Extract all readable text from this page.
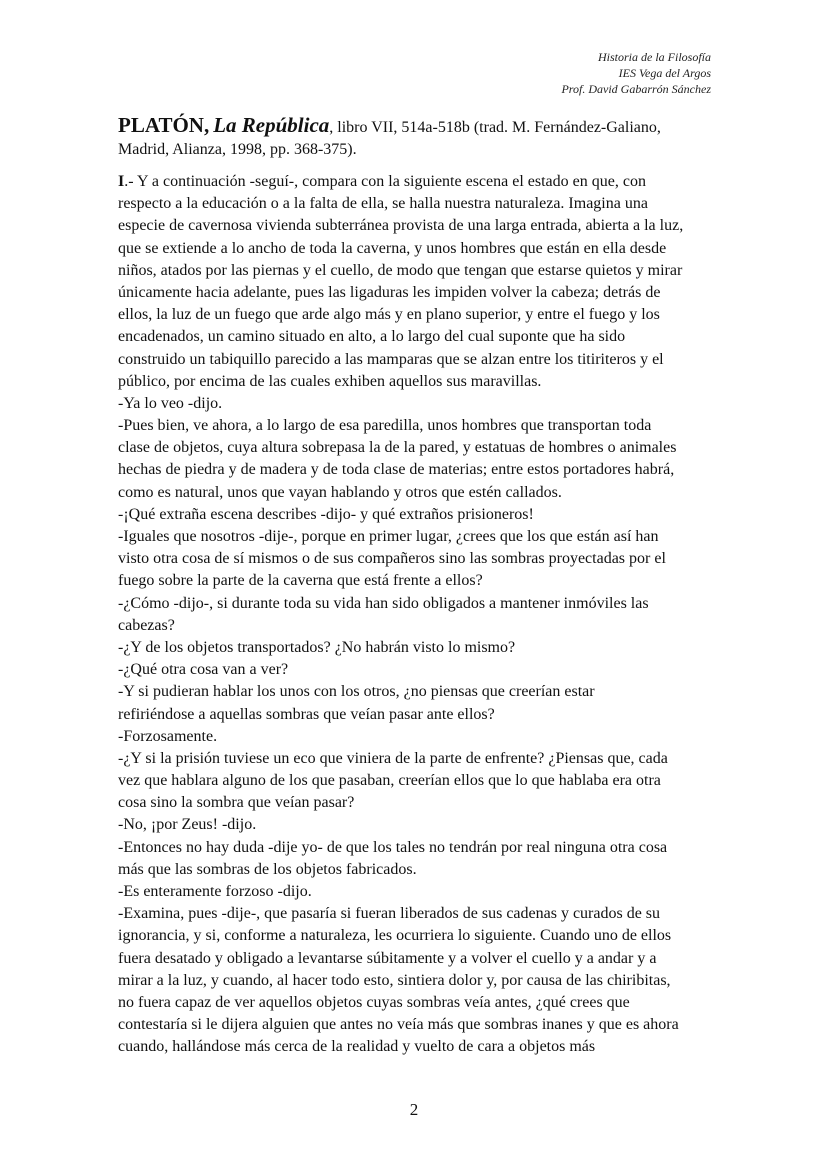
Historia de la Filosofía
IES Vega del Argos
Prof. David Gabarrón Sánchez
PLATÓN, La República, libro VII, 514a-518b (trad. M. Fernández-Galiano,
Madrid, Alianza, 1998, pp. 368-375).
I.- Y a continuación -seguí-, compara con la siguiente escena el estado en que, con
respecto a la educación o a la falta de ella, se halla nuestra naturaleza. Imagina una
especie de cavernosa vivienda subterránea provista de una larga entrada, abierta a la luz,
que se extiende a lo ancho de toda la caverna, y unos hombres que están en ella desde
niños, atados por las piernas y el cuello, de modo que tengan que estarse quietos y mirar
únicamente hacia adelante, pues las ligaduras les impiden volver la cabeza; detrás de
ellos, la luz de un fuego que arde algo más y en plano superior, y entre el fuego y los
encadenados, un camino situado en alto, a lo largo del cual suponte que ha sido
construido un tabiquillo parecido a las mamparas que se alzan entre los titiriteros y el
público, por encima de las cuales exhiben aquellos sus maravillas.
-Ya lo veo -dijo.
-Pues bien, ve ahora, a lo largo de esa paredilla, unos hombres que transportan toda
clase de objetos, cuya altura sobrepasa la de la pared, y estatuas de hombres o animales
hechas de piedra y de madera y de toda clase de materias; entre estos portadores habrá,
como es natural, unos que vayan hablando y otros que estén callados.
-¡Qué extraña escena describes -dijo- y qué extraños prisioneros!
-Iguales que nosotros -dije-, porque en primer lugar, ¿crees que los que están así han
visto otra cosa de sí mismos o de sus compañeros sino las sombras proyectadas por el
fuego sobre la parte de la caverna que está frente a ellos?
-¿Cómo -dijo-, si durante toda su vida han sido obligados a mantener inmóviles las
cabezas?
-¿Y de los objetos transportados? ¿No habrán visto lo mismo?
-¿Qué otra cosa van a ver?
-Y si pudieran hablar los unos con los otros, ¿no piensas que creerían estar
refiriéndose a aquellas sombras que veían pasar ante ellos?
-Forzosamente.
-¿Y si la prisión tuviese un eco que viniera de la parte de enfrente? ¿Piensas que, cada
vez que hablara alguno de los que pasaban, creerían ellos que lo que hablaba era otra
cosa sino la sombra que veían pasar?
-No, ¡por Zeus! -dijo.
-Entonces no hay duda -dije yo- de que los tales no tendrán por real ninguna otra cosa
más que las sombras de los objetos fabricados.
-Es enteramente forzoso -dijo.
-Examina, pues -dije-, que pasaría si fueran liberados de sus cadenas y curados de su
ignorancia, y si, conforme a naturaleza, les ocurriera lo siguiente. Cuando uno de ellos
fuera desatado y obligado a levantarse súbitamente y a volver el cuello y a andar y a
mirar a la luz, y cuando, al hacer todo esto, sintiera dolor y, por causa de las chiribitas,
no fuera capaz de ver aquellos objetos cuyas sombras veía antes, ¿qué crees que
contestaría si le dijera alguien que antes no veía más que sombras inanes y que es ahora
cuando, hallándose más cerca de la realidad y vuelto de cara a objetos más
2
